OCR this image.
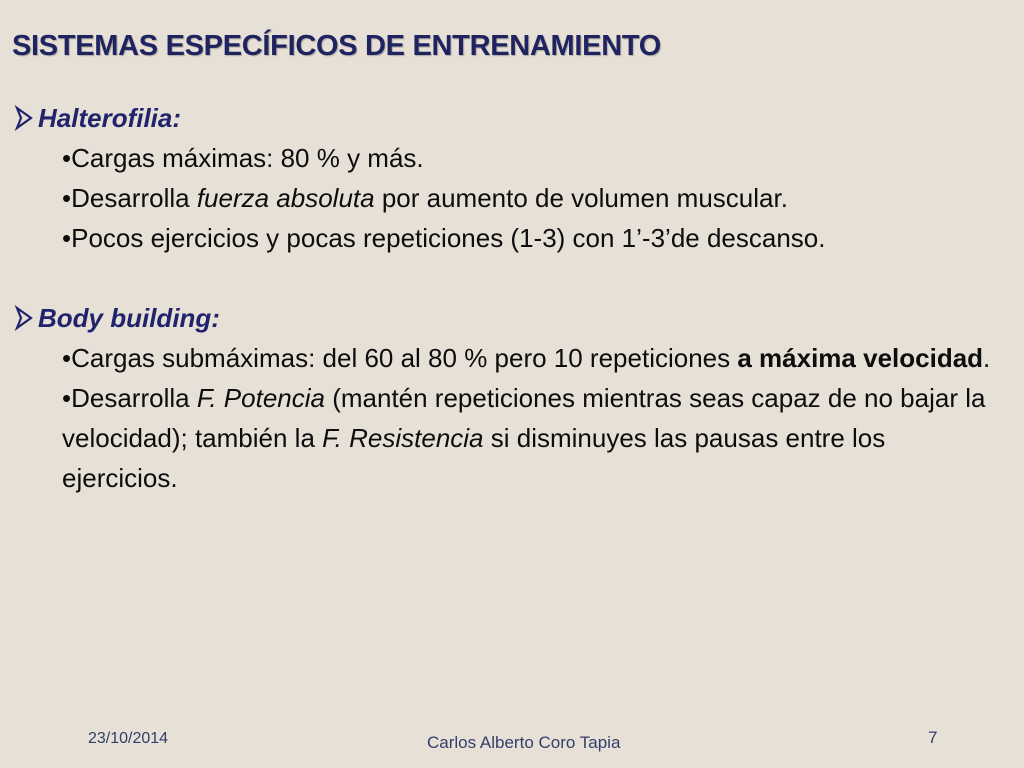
SISTEMAS ESPECÍFICOS DE ENTRENAMIENTO
Halterofilia:

•Cargas máximas: 80 % y más.

•Desarrolla fuerza absoluta por aumento de volumen muscular.

•Pocos ejercicios y pocas repeticiones (1-3) con 1’-3’de descanso.

Body building:

•Cargas submáximas: del 60 al 80 % pero 10 repeticiones a máxima velocidad.

•Desarrolla F. Potencia (mantén repeticiones mientras seas capaz de no bajar la velocidad); también la F. Resistencia si disminuyes las pausas entre los ejercicios.

23/10/2014	Carlos Alberto Coro Tapia	7
